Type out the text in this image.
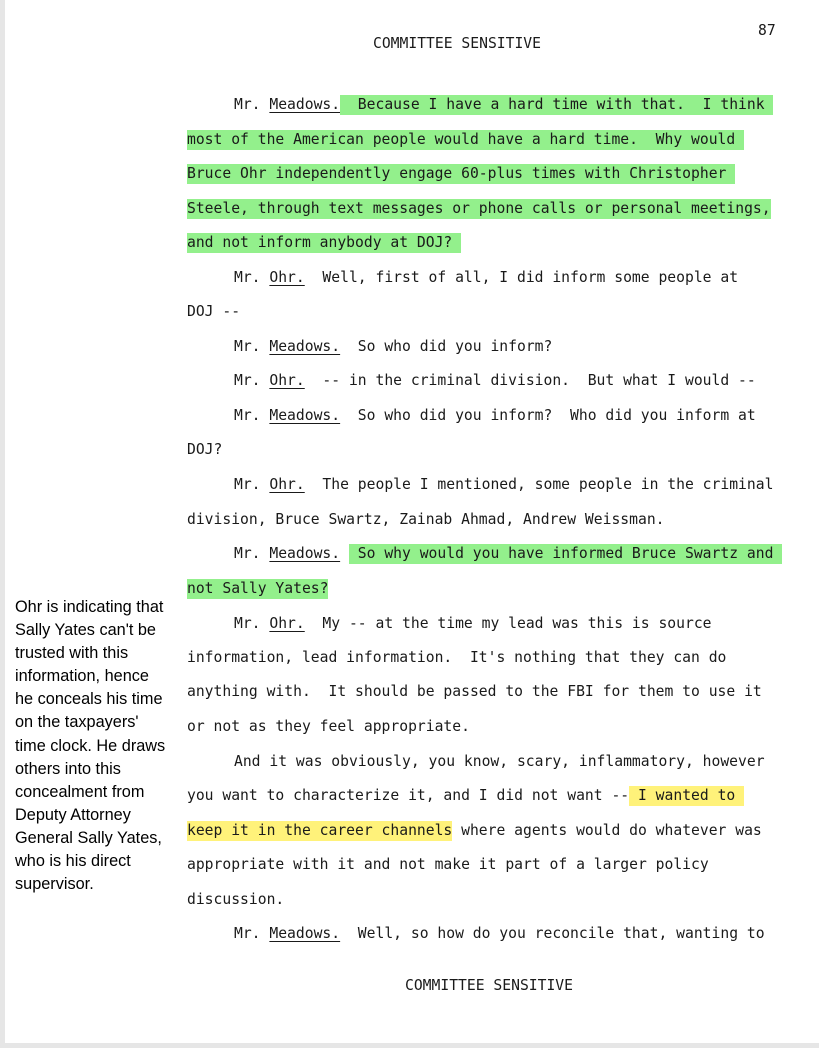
COMMITTEE SENSITIVE
87
Mr. Meadows.  Because I have a hard time with that.  I think
most of the American people would have a hard time.  Why would
Bruce Ohr independently engage 60-plus times with Christopher
Steele, through text messages or phone calls or personal meetings,
and not inform anybody at DOJ?
Mr. Ohr.  Well, first of all, I did inform some people at
DOJ --
Mr. Meadows.  So who did you inform?
Mr. Ohr.  -- in the criminal division.  But what I would --
Mr. Meadows.  So who did you inform?  Who did you inform at
DOJ?
Mr. Ohr.  The people I mentioned, some people in the criminal
division, Bruce Swartz, Zainab Ahmad, Andrew Weissman.
Mr. Meadows.  So why would you have informed Bruce Swartz and
not Sally Yates?
Mr. Ohr.  My -- at the time my lead was this is source
information, lead information.  It's nothing that they can do
anything with.  It should be passed to the FBI for them to use it
or not as they feel appropriate.
And it was obviously, you know, scary, inflammatory, however
you want to characterize it, and I did not want -- I wanted to
keep it in the career channels where agents would do whatever was
appropriate with it and not make it part of a larger policy
discussion.
Mr. Meadows.  Well, so how do you reconcile that, wanting to
Ohr is indicating that
Sally Yates can't be
trusted with this
information, hence
he conceals his time
on the taxpayers'
time clock. He draws
others into this
concealment from
Deputy Attorney
General Sally Yates,
who is his direct
supervisor.
COMMITTEE SENSITIVE
